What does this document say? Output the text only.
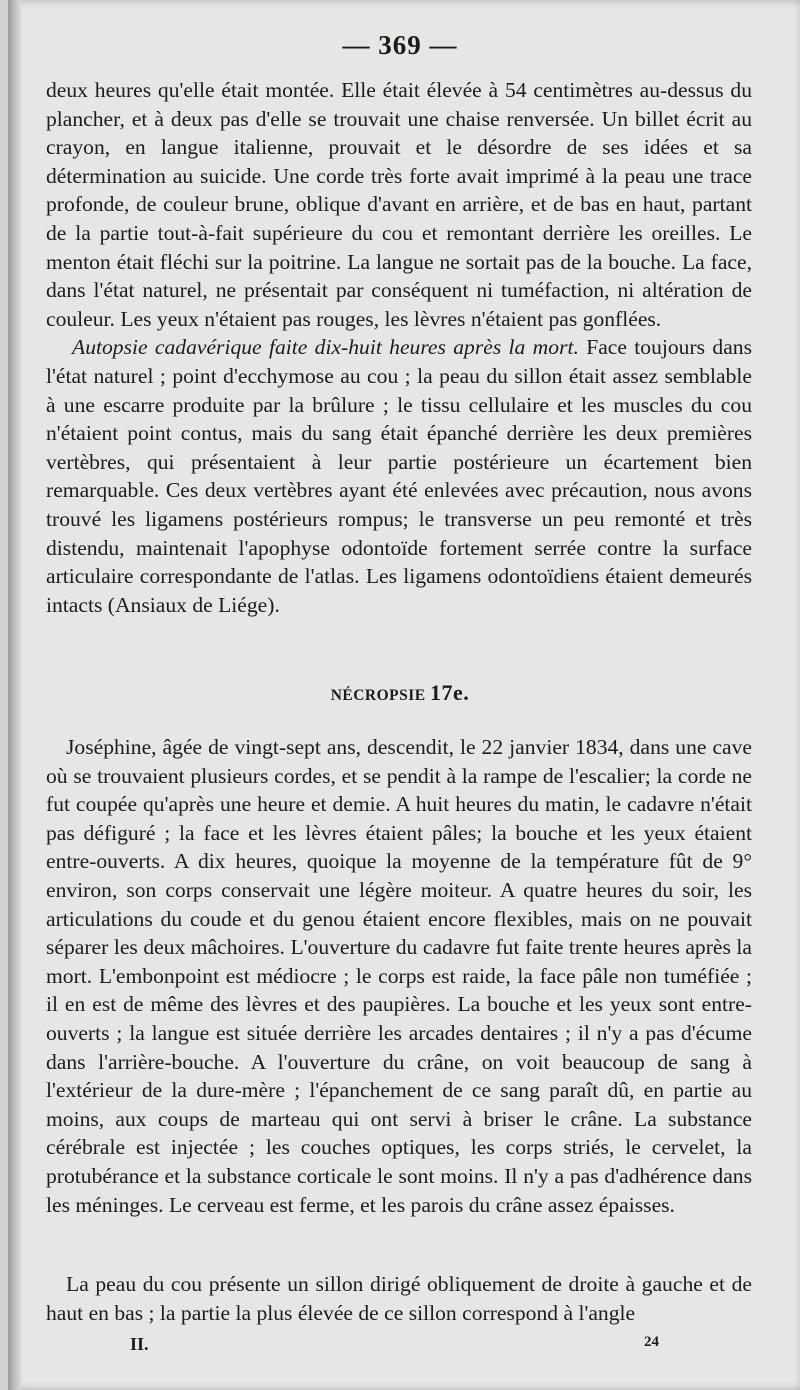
— 369 —

deux heures qu'elle était montée. Elle était élevée à 54 centimètres au-dessus du plancher, et à deux pas d'elle se trouvait une chaise renversée. Un billet écrit au crayon, en langue italienne, prouvait et le désordre de ses idées et sa détermination au suicide. Une corde très forte avait imprimé à la peau une trace profonde, de couleur brune, oblique d'avant en arrière, et de bas en haut, partant de la partie tout-à-fait supérieure du cou et remontant derrière les oreilles. Le menton était fléchi sur la poitrine. La langue ne sortait pas de la bouche. La face, dans l'état naturel, ne présentait par conséquent ni tuméfaction, ni altération de couleur. Les yeux n'étaient pas rouges, les lèvres n'étaient pas gonflées.

Autopsie cadavérique faite dix-huit heures après la mort. Face toujours dans l'état naturel ; point d'ecchymose au cou ; la peau du sillon était assez semblable à une escarre produite par la brûlure ; le tissu cellulaire et les muscles du cou n'étaient point contus, mais du sang était épanché derrière les deux premières vertèbres, qui présentaient à leur partie postérieure un écartement bien remarquable. Ces deux vertèbres ayant été enlevées avec précaution, nous avons trouvé les ligamens postérieurs rompus; le transverse un peu remonté et très distendu, maintenait l'apophyse odontoïde fortement serrée contre la surface articulaire correspondante de l'atlas. Les ligamens odontoïdiens étaient demeurés intacts (Ansiaux de Liége).

NÉCROPSIE 17e.

Joséphine, âgée de vingt-sept ans, descendit, le 22 janvier 1834, dans une cave où se trouvaient plusieurs cordes, et se pendit à la rampe de l'escalier; la corde ne fut coupée qu'après une heure et demie. A huit heures du matin, le cadavre n'était pas défiguré ; la face et les lèvres étaient pâles; la bouche et les yeux étaient entre-ouverts. A dix heures, quoique la moyenne de la température fût de 9° environ, son corps conservait une légère moiteur. A quatre heures du soir, les articulations du coude et du genou étaient encore flexibles, mais on ne pouvait séparer les deux mâchoires. L'ouverture du cadavre fut faite trente heures après la mort. L'embonpoint est médiocre ; le corps est raide, la face pâle non tuméfiée ; il en est de même des lèvres et des paupières. La bouche et les yeux sont entre-ouverts ; la langue est située derrière les arcades dentaires ; il n'y a pas d'écume dans l'arrière-bouche. A l'ouverture du crâne, on voit beaucoup de sang à l'extérieur de la dure-mère ; l'épanchement de ce sang paraît dû, en partie au moins, aux coups de marteau qui ont servi à briser le crâne. La substance cérébrale est injectée ; les couches optiques, les corps striés, le cervelet, la protubérance et la substance corticale le sont moins. Il n'y a pas d'adhérence dans les méninges. Le cerveau est ferme, et les parois du crâne assez épaisses.

La peau du cou présente un sillon dirigé obliquement de droite à gauche et de haut en bas ; la partie la plus élevée de ce sillon correspond à l'angle

II.	24
